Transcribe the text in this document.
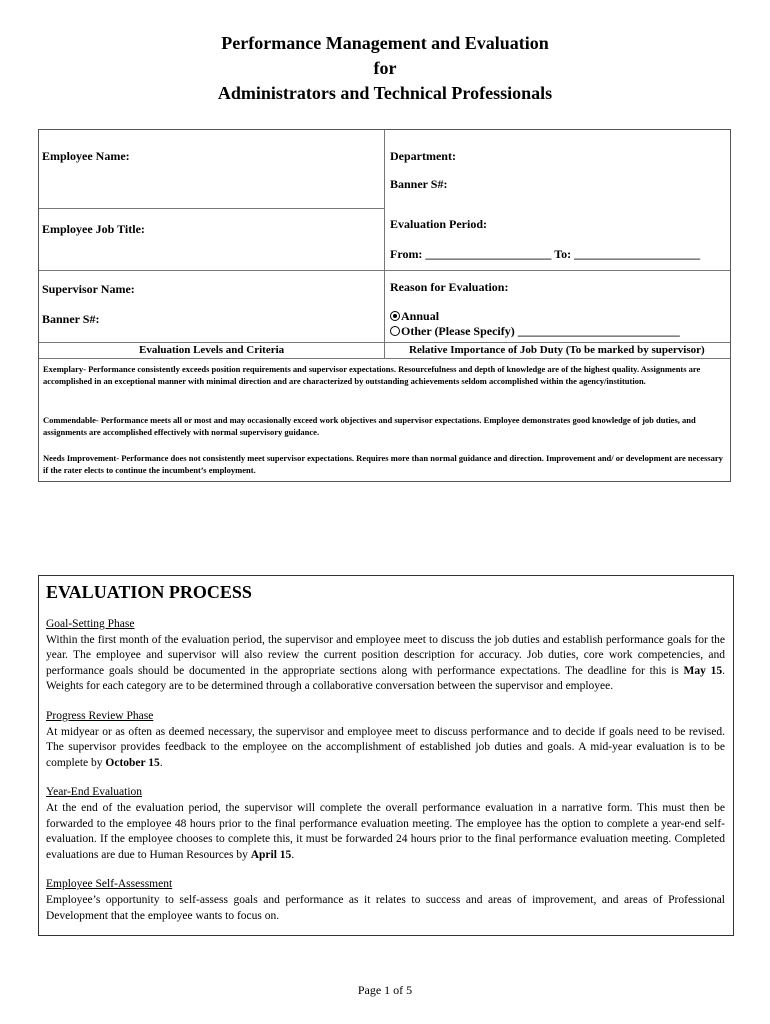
Performance Management and Evaluation
for
Administrators and Technical Professionals
Employee Name:	Department:
Banner S#:
Employee Job Title:	Evaluation Period:
From: _____________________ To: _____________________
Supervisor Name:	Reason for Evaluation:
Banner S#:	Annual
Other (Please Specify) ___________________________
Evaluation Levels and Criteria	Relative Importance of Job Duty (To be marked by supervisor)
Exemplary- Performance consistently exceeds position requirements and supervisor expectations. Resourcefulness and depth of knowledge are of the highest quality. Assignments are accomplished in an exceptional manner with minimal direction and are characterized by outstanding achievements seldom accomplished within the agency/institution.
Commendable- Performance meets all or most and may occasionally exceed work objectives and supervisor expectations. Employee demonstrates good knowledge of job duties, and assignments are accomplished effectively with normal supervisory guidance.
Needs Improvement- Performance does not consistently meet supervisor expectations. Requires more than normal guidance and direction. Improvement and/ or development are necessary if the rater elects to continue the incumbent’s employment.
EVALUATION PROCESS
Goal-Setting Phase

Within the first month of the evaluation period, the supervisor and employee meet to discuss the job duties and establish performance goals for the year. The employee and supervisor will also review the current position description for accuracy. Job duties, core work competencies, and performance goals should be documented in the appropriate sections along with performance expectations. The deadline for this is May 15. Weights for each category are to be determined through a collaborative conversation between the supervisor and employee.

Progress Review Phase

At midyear or as often as deemed necessary, the supervisor and employee meet to discuss performance and to decide if goals need to be revised. The supervisor provides feedback to the employee on the accomplishment of established job duties and goals. A mid-year evaluation is to be complete by October 15.

Year-End Evaluation

At the end of the evaluation period, the supervisor will complete the overall performance evaluation in a narrative form. This must then be forwarded to the employee 48 hours prior to the final performance evaluation meeting. The employee has the option to complete a year-end self-evaluation. If the employee chooses to complete this, it must be forwarded 24 hours prior to the final performance evaluation meeting. Completed evaluations are due to Human Resources by April 15.

Employee Self-Assessment

Employee’s opportunity to self-assess goals and performance as it relates to success and areas of improvement, and areas of Professional Development that the employee wants to focus on.

Page 1 of 5
